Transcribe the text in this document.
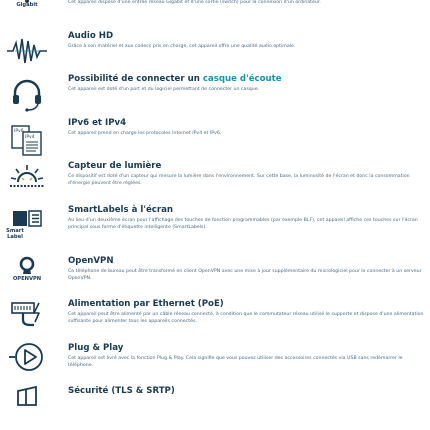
Gigabit	Cet appareil dispose d'une entrée réseau Gigabit et d'une sortie (switch) pour la connexion d'un ordinateur.
Audio HD
Grâce à son matériel et aux codecs pris en charge, cet appareil offre une qualité audio optimale.
Possibilité de connecter un casque d'écoute
Cet appareil est doté d'un port et du logiciel permettant de connecter un casque.
IPv6
IPv4
IPv6 et IPv4
Cet appareil prend en charge les protocoles Internet IPv4 et IPv6.
Capteur de lumière
Ce dispositif est doté d'un capteur qui mesure la lumière dans l'environnement. Sur cette base, la luminosité de l'écran et donc la consommation d'énergie peuvent être réglées.
Smart Label
SmartLabels à l'écran
Au lieu d'un deuxième écran pour l'affichage des touches de fonction programmables (par exemple BLF), cet appareil affiche ces touches sur l'écran principal sous forme d'étiquette intelligente (SmartLabels).
OPENVPN
OpenVPN
Ce téléphone de bureau peut être transformé en client OpenVPN avec une mise à jour supplémentaire du micrologiciel pour le connecter à un serveur OpenVPN.
Alimentation par Ethernet (PoE)
Cet appareil peut être alimenté par un câble réseau connecté, à condition que le commutateur réseau utilisé le supporte et dispose d'une alimentation suffisante pour alimenter tous les appareils connectés.
Plug & Play
Cet appareil est livré avec la fonction Plug & Play. Cela signifie que vous pouvez utiliser des accessoires connectés via USB sans redémarrer le téléphone.
Sécurité (TLS & SRTP)
